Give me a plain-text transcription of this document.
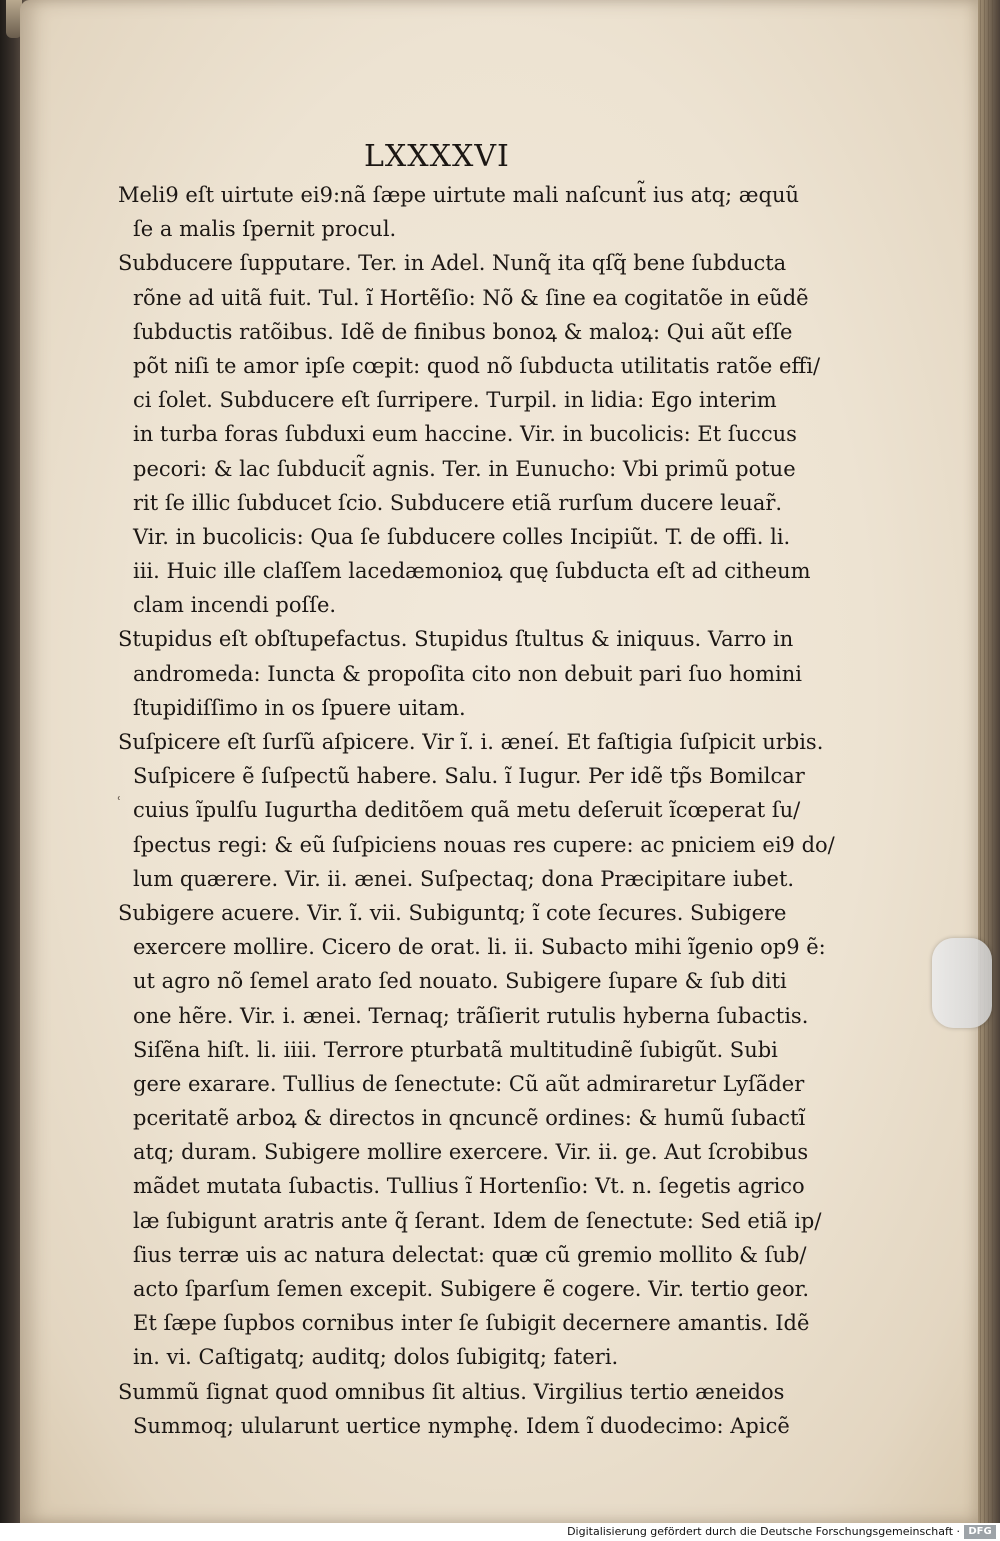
LXXXXVI
ʿ
Meli9 eſt uirtute ei9:nã ſæpe uirtute mali naſcunt̃ ius atq; æquũ
ſe a malis ſpernit procul.
Subducere ſupputare. Ter. in Adel. Nunq̃ ita qſq̃ bene ſubducta
rõne ad uitã fuit. Tul. ĩ Hortẽſio: Nõ & ſine ea cogitatõe in eũdẽ
ſubductis ratõibus. Idẽ de finibus bonoꝝ & maloꝝ: Qui aũt eſſe
põt niſi te amor ipſe cœpit: quod nõ ſubducta utilitatis ratõe effi/
ci ſolet. Subducere eſt ſurripere. Turpil. in lidia: Ego interim
in turba foras ſubduxi eum haccine. Vir. in bucolicis: Et ſuccus
pecori: & lac ſubducit̃ agnis. Ter. in Eunucho: Vbi primũ potue
rit ſe illic ſubducet ſcio. Subducere etiã rurſum ducere leuar̃.
Vir. in bucolicis: Qua ſe ſubducere colles Incipiũt. T. de offi. li.
iii. Huic ille claſſem lacedæmonioꝝ quę ſubducta eſt ad citheum
clam incendi poſſe.
Stupidus eſt obſtupefactus. Stupidus ſtultus & iniquus. Varro in
andromeda: Iuncta & propoſita cito non debuit pari ſuo homini
ſtupidiſſimo in os ſpuere uitam.
Suſpicere eſt ſurſũ aſpicere. Vir ĩ. i. æneí. Et faſtigia ſuſpicit urbis.
Suſpicere ẽ ſuſpectũ habere. Salu. ĩ Iugur. Per idẽ tp̃s Bomilcar
cuius ĩpulſu Iugurtha deditõem quã metu deſeruit ĩcœperat ſu/
ſpectus regi: & eũ ſuſpiciens nouas res cupere: ac pniciem ei9 do/
lum quærere. Vir. ii. ænei. Suſpectaq; dona Præcipitare iubet.
Subigere acuere. Vir. ĩ. vii. Subiguntq; ĩ cote ſecures. Subigere
exercere mollire. Cicero de orat. li. ii. Subacto mihi ĩgenio op9 ẽ:
ut agro nõ ſemel arato ſed nouato. Subigere ſupare & ſub diti
one hẽre. Vir. i. ænei. Ternaq; trãſierit rutulis hyberna ſubactis.
Siſẽna hiſt. li. iiii. Terrore pturbatã multitudinẽ ſubigũt. Subi
gere exarare. Tullius de ſenectute: Cũ aũt admiraretur Lyſãder
pceritatẽ arboꝝ & directos in qncuncẽ ordines: & humũ ſubactĩ
atq; duram. Subigere mollire exercere. Vir. ii. ge. Aut ſcrobibus
mãdet mutata ſubactis. Tullius ĩ Hortenſio: Vt. n. ſegetis agrico
læ ſubigunt aratris ante q̃ ſerant. Idem de ſenectute: Sed etiã ip/
ſius terræ uis ac natura delectat: quæ cũ gremio mollito & ſub/
acto ſparſum ſemen excepit. Subigere ẽ cogere. Vir. tertio geor.
Et ſæpe ſupbos cornibus inter ſe ſubigit decernere amantis. Idẽ
in. vi. Caſtigatq; auditq; dolos ſubigitq; fateri.
Summũ ſignat quod omnibus ſit altius. Virgilius tertio æneidos
Summoq; ulularunt uertice nymphę. Idem ĩ duodecimo: Apicẽ
Digitalisierung gefördert durch die Deutsche Forschungsgemeinschaft · DFG
